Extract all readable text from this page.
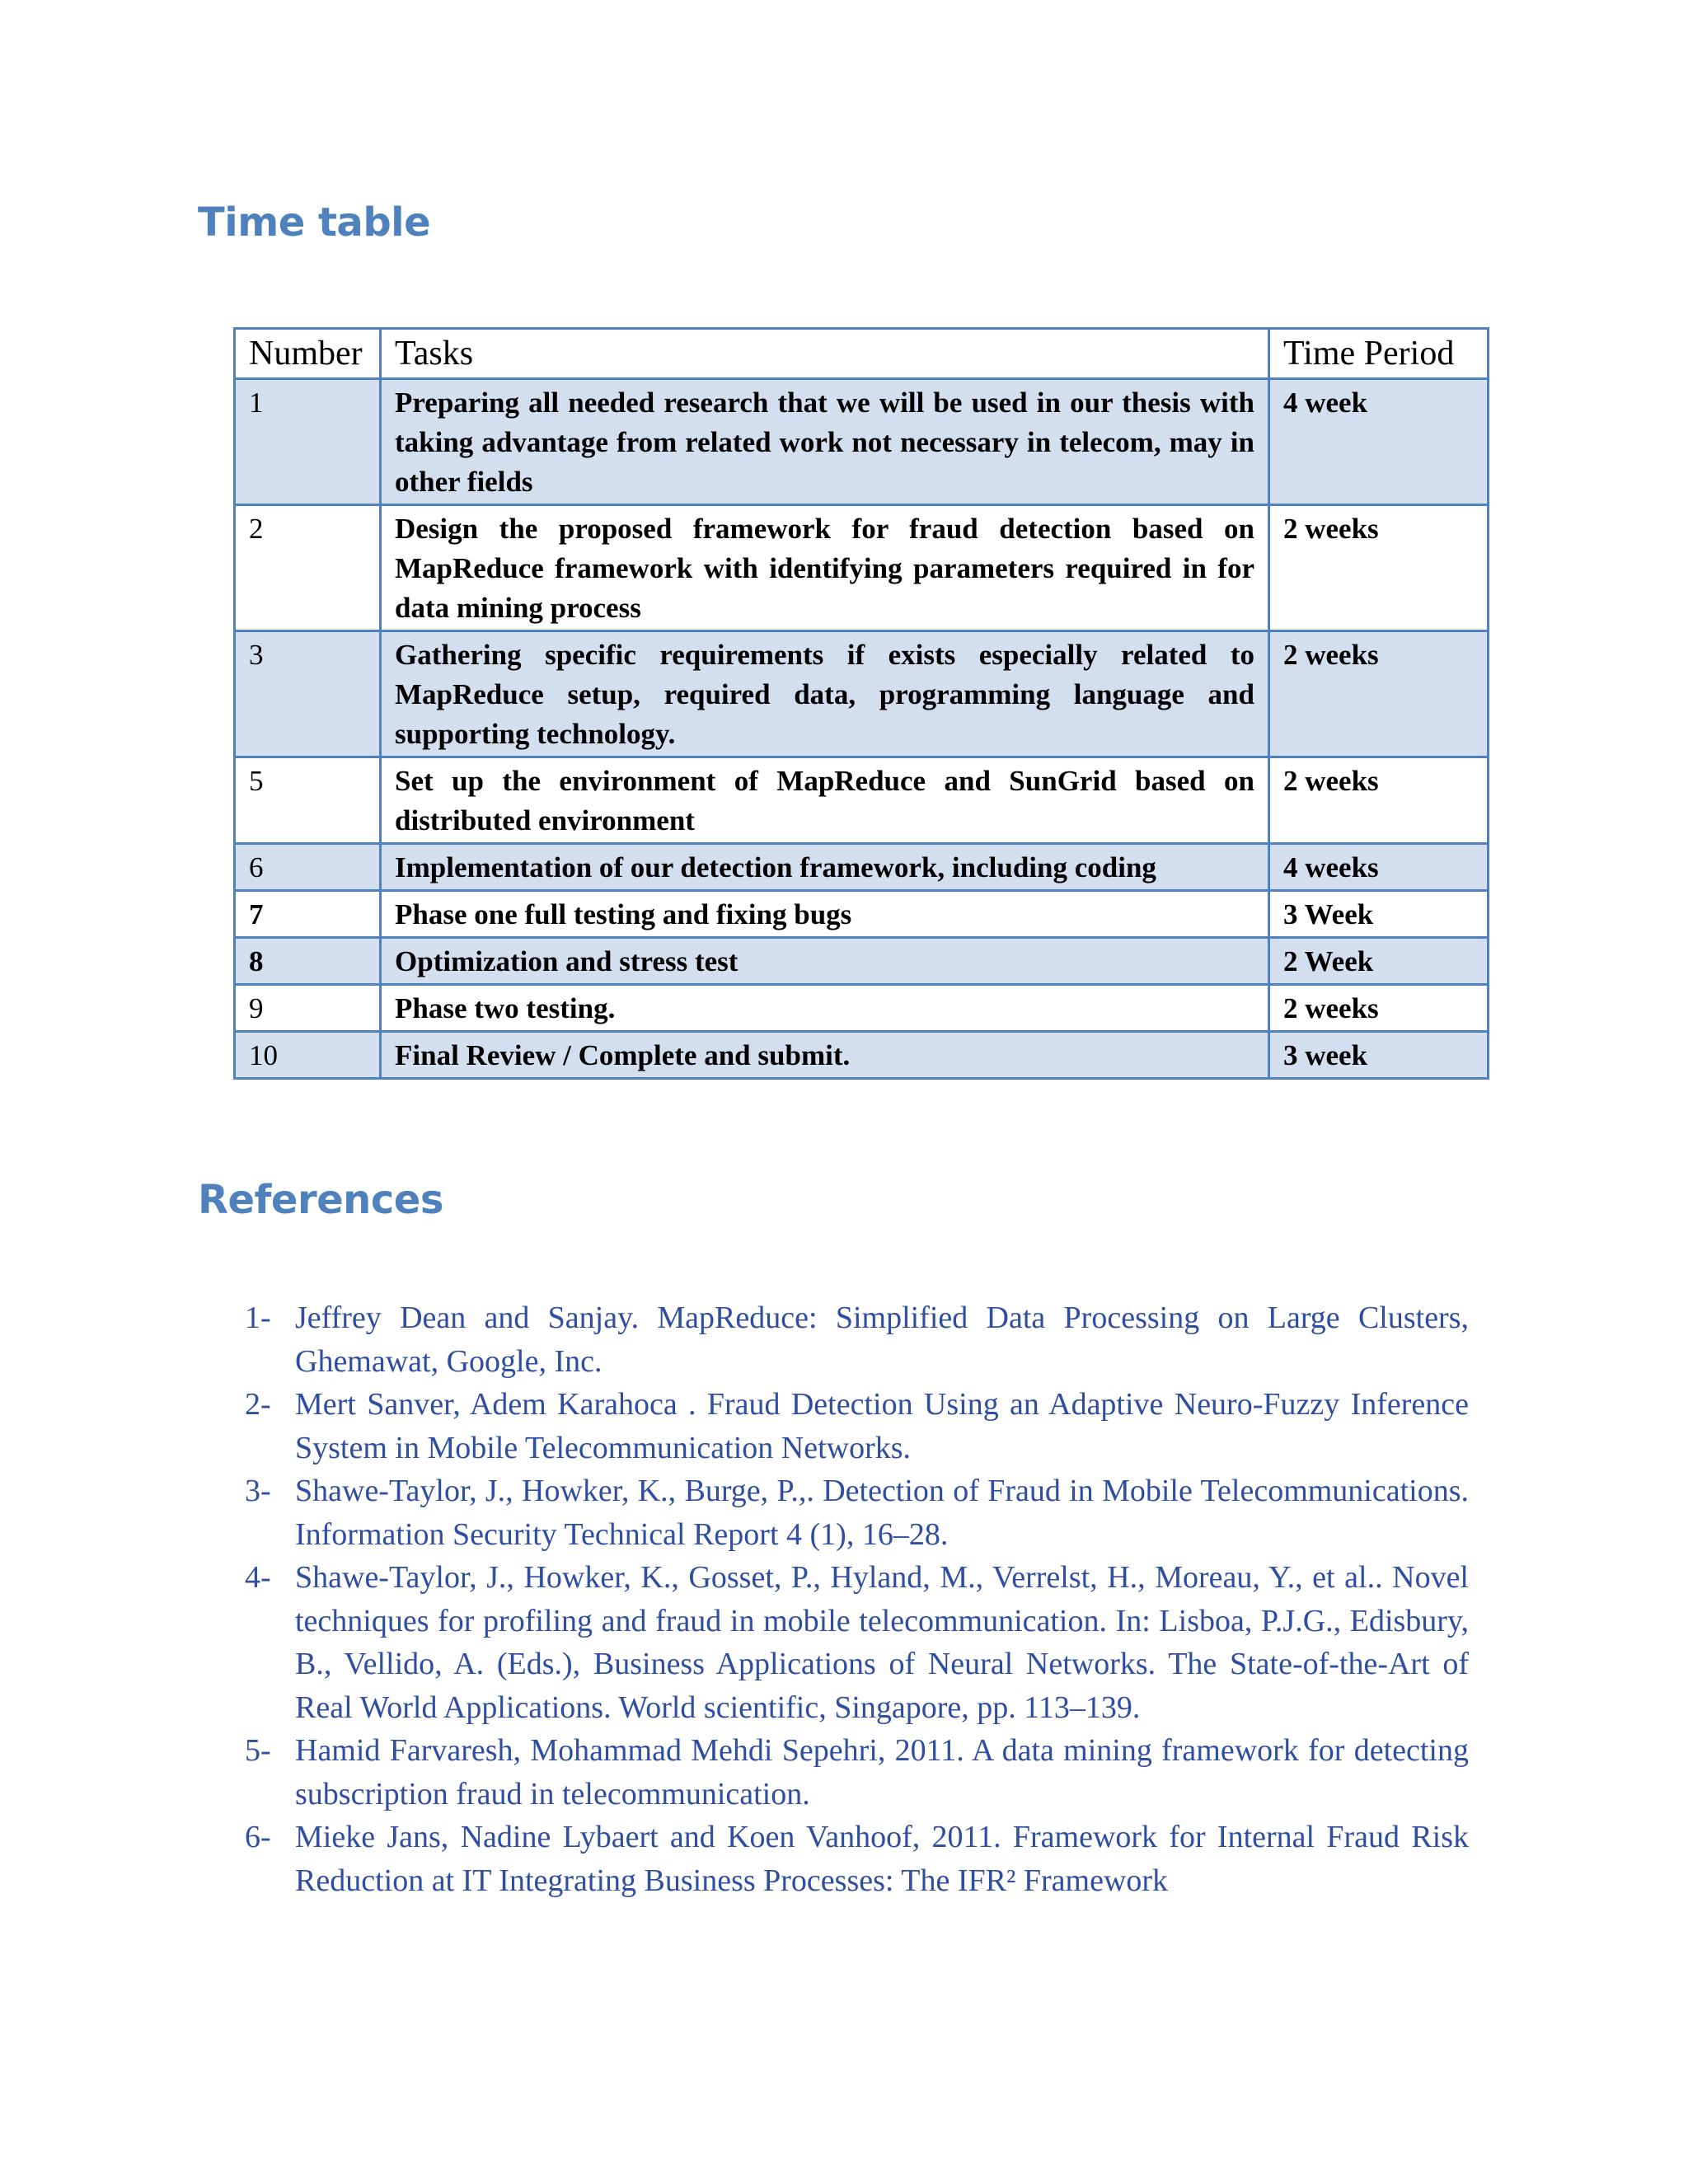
Time table
Number	Tasks	Time Period
1	Preparing all needed research that we will be used in our thesis with taking advantage from related work not necessary in telecom, may in other fields	4 week
2	Design the proposed framework for fraud detection based on MapReduce framework with identifying parameters required in for data mining process	2 weeks
3	Gathering specific requirements if exists especially related to MapReduce setup, required data, programming language and supporting technology.	2 weeks
5	Set up the environment of MapReduce and SunGrid based on distributed environment	2 weeks
6	Implementation of our detection framework, including coding	4 weeks
7	Phase one full testing and fixing bugs	3 Week
8	Optimization and stress test	2 Week
9	Phase two testing.	2 weeks
10	Final Review / Complete and submit.	3 week
References
1- Jeffrey Dean and Sanjay. MapReduce: Simplified Data Processing on Large Clusters, Ghemawat, Google, Inc.
2- Mert Sanver, Adem Karahoca . Fraud Detection Using an Adaptive Neuro-Fuzzy Inference System in Mobile Telecommunication Networks.
3- Shawe-Taylor, J., Howker, K., Burge, P.,. Detection of Fraud in Mobile Telecommunications. Information Security Technical Report 4 (1), 16–28.
4- Shawe-Taylor, J., Howker, K., Gosset, P., Hyland, M., Verrelst, H., Moreau, Y., et al.. Novel techniques for profiling and fraud in mobile telecommunication. In: Lisboa, P.J.G., Edisbury, B., Vellido, A. (Eds.), Business Applications of Neural Networks. The State-of-the-Art of Real World Applications. World scientific, Singapore, pp. 113–139.
5- Hamid Farvaresh, Mohammad Mehdi Sepehri, 2011. A data mining framework for detecting subscription fraud in telecommunication.
6- Mieke Jans, Nadine Lybaert and Koen Vanhoof, 2011. Framework for Internal Fraud Risk Reduction at IT Integrating Business Processes: The IFR² Framework
